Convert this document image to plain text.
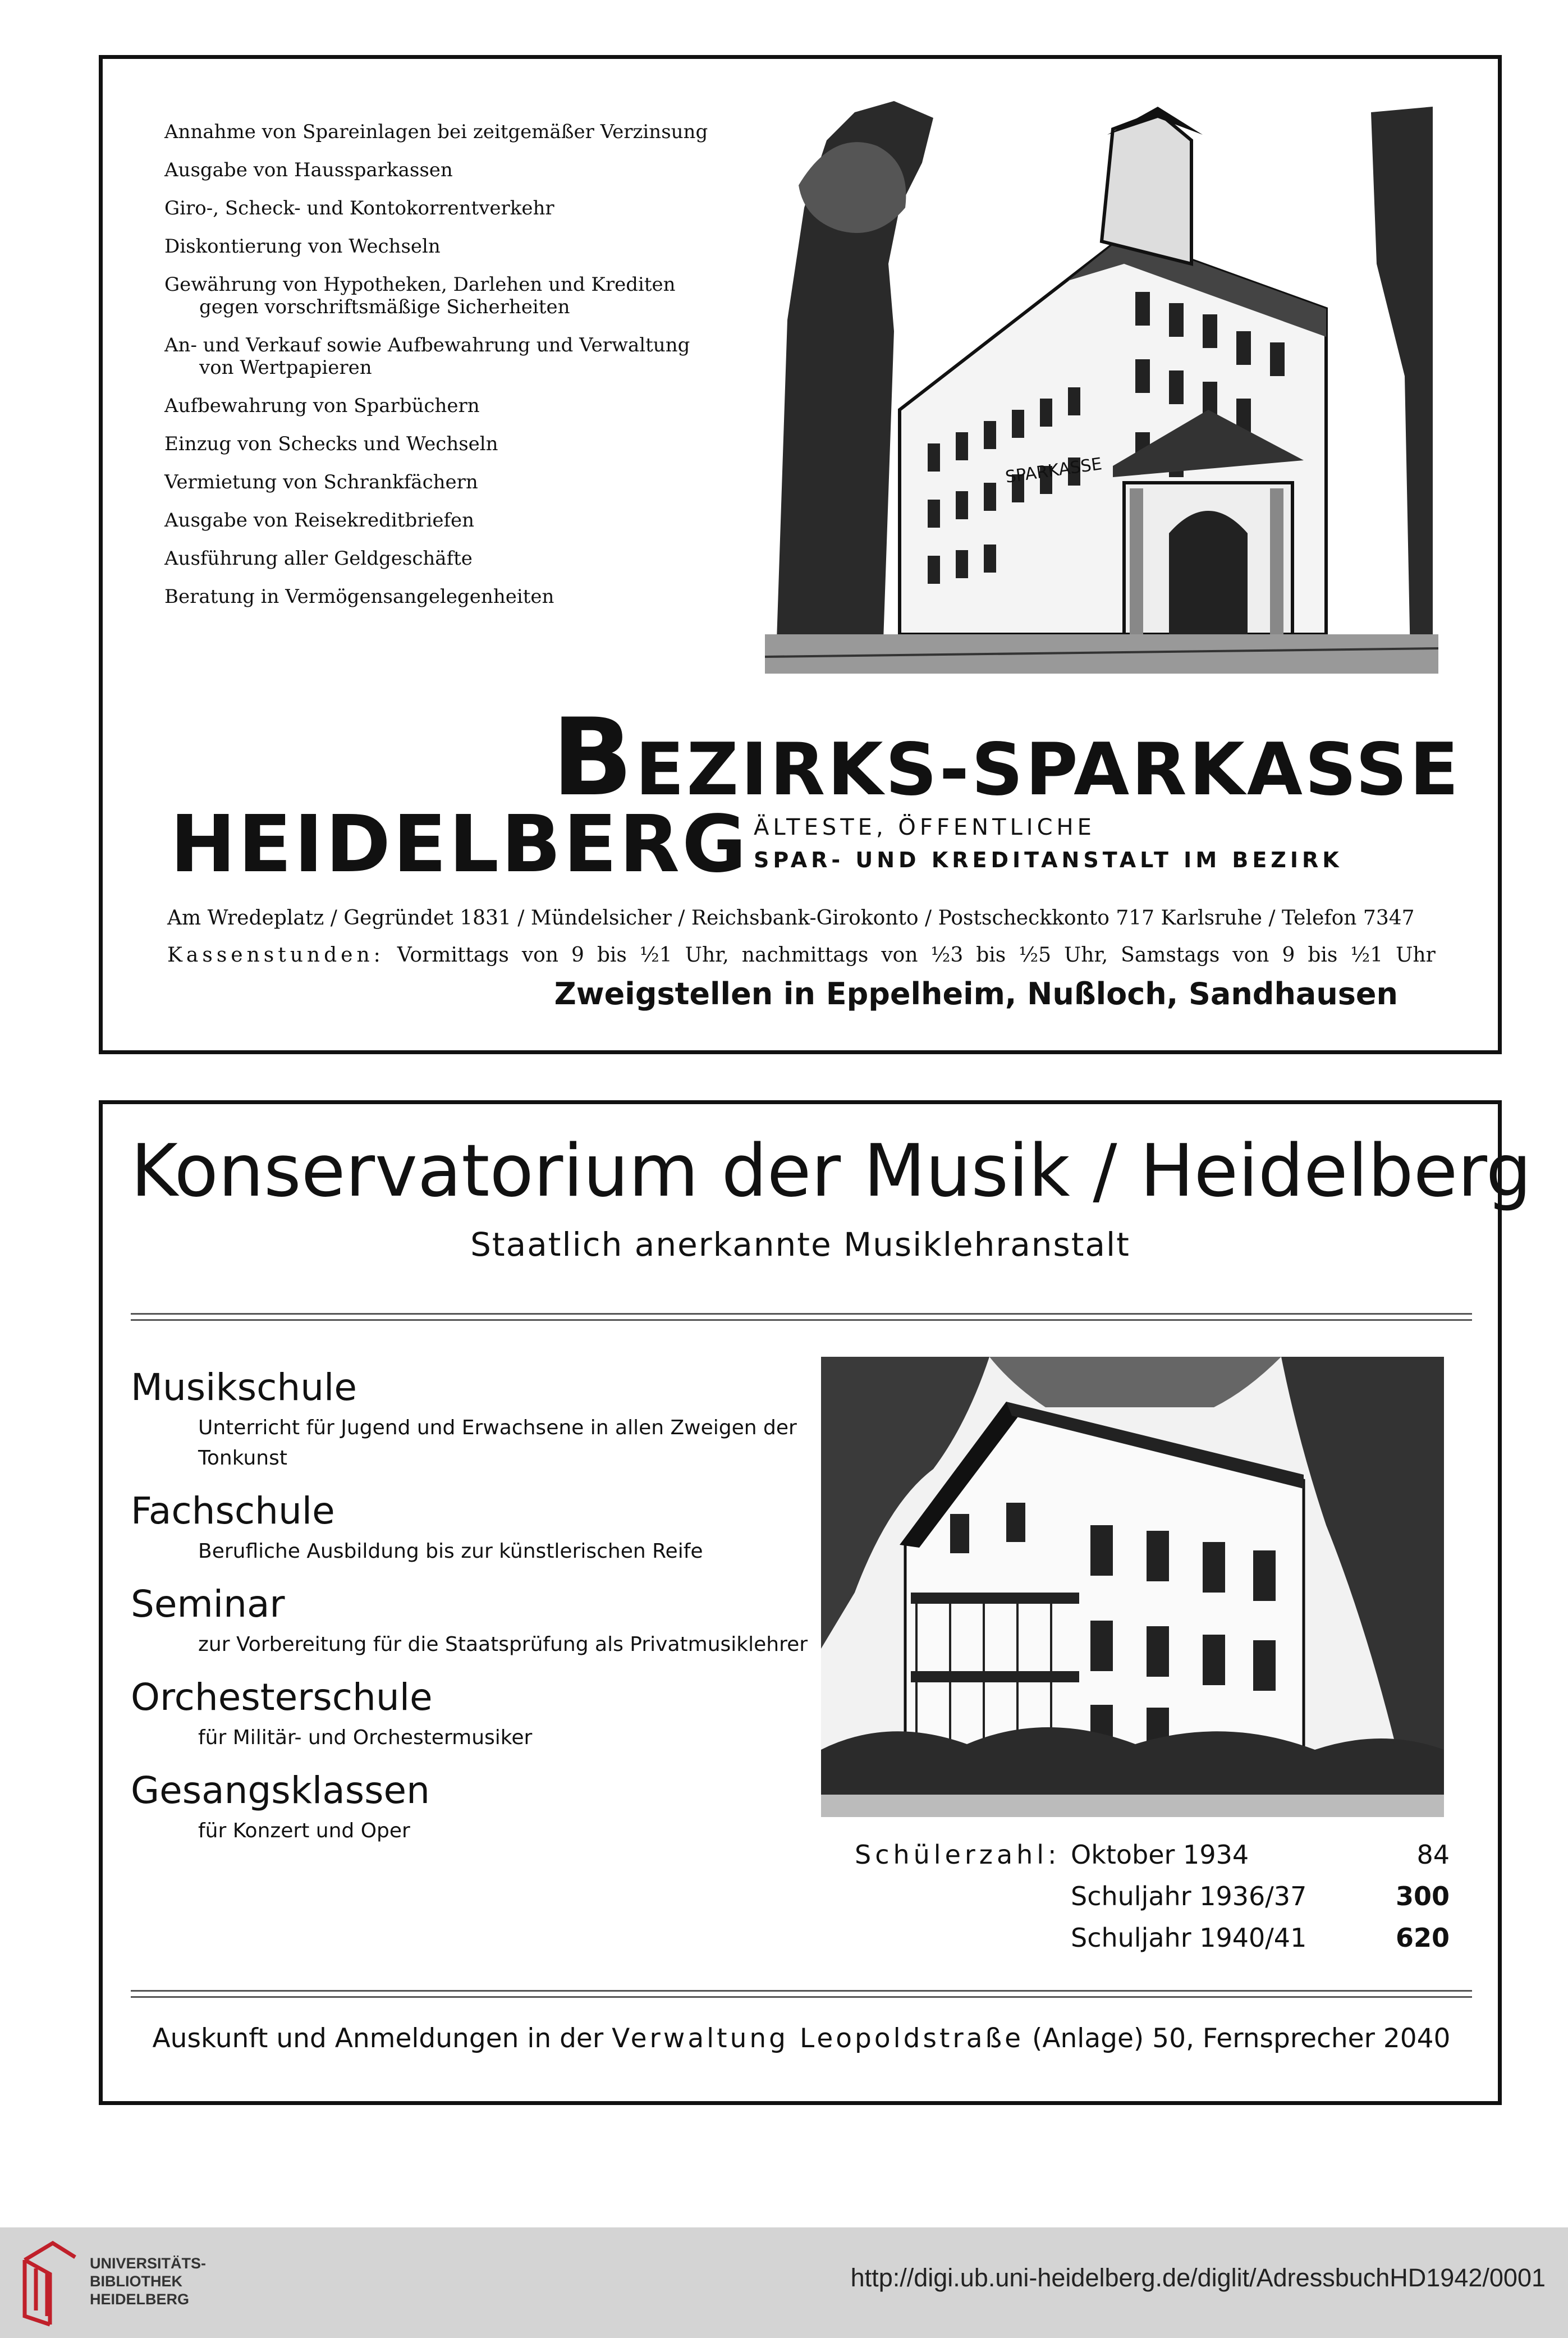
Annahme von Spareinlagen bei zeitgemäßer Verzinsung
Ausgabe von Haussparkassen
Giro-, Scheck- und Kontokorrentverkehr
Diskontierung von Wechseln
Gewährung von Hypotheken, Darlehen und Krediten
gegen vorschriftsmäßige Sicherheiten
An- und Verkauf sowie Aufbewahrung und Verwaltung
von Wertpapieren
Aufbewahrung von Sparbüchern
Einzug von Schecks und Wechseln
Vermietung von Schrankfächern
Ausgabe von Reisekreditbriefen
Ausführung aller Geldgeschäfte
Beratung in Vermögensangelegenheiten
SPARKASSE
BEZIRKS-SPARKASSE
HEIDELBERG ÄLTESTE, ÖFFENTLICHE
SPAR- UND KREDITANSTALT IM BEZIRK
Am Wredeplatz / Gegründet 1831 / Mündelsicher / Reichsbank-Girokonto / Postscheckkonto 717 Karlsruhe / Telefon 7347
Kassenstunden: Vormittags von 9 bis ½1 Uhr, nachmittags von ½3 bis ½5 Uhr, Samstags von 9 bis ½1 Uhr
Zweigstellen in Eppelheim, Nußloch, Sandhausen
Konservatorium der Musik / Heidelberg
Staatlich anerkannte Musiklehranstalt
Musikschule

Unterricht für Jugend und Erwachsene in allen Zweigen der Tonkunst

Fachschule

Berufliche Ausbildung bis zur künstlerischen Reife

Seminar

zur Vorbereitung für die Staatsprüfung als Privatmusiklehrer

Orchesterschule

für Militär- und Orchestermusiker

Gesangsklassen

für Konzert und Oper

Schülerzahl: Oktober 1934	84
Schuljahr 1936/37	300
Schuljahr 1940/41	620
Auskunft und Anmeldungen in der Verwaltung Leopoldstraße (Anlage) 50, Fernsprecher 2040
UNIVERSITÄTS-
BIBLIOTHEK
HEIDELBERG
http://digi.ub.uni-heidelberg.de/diglit/AdressbuchHD1942/0001
